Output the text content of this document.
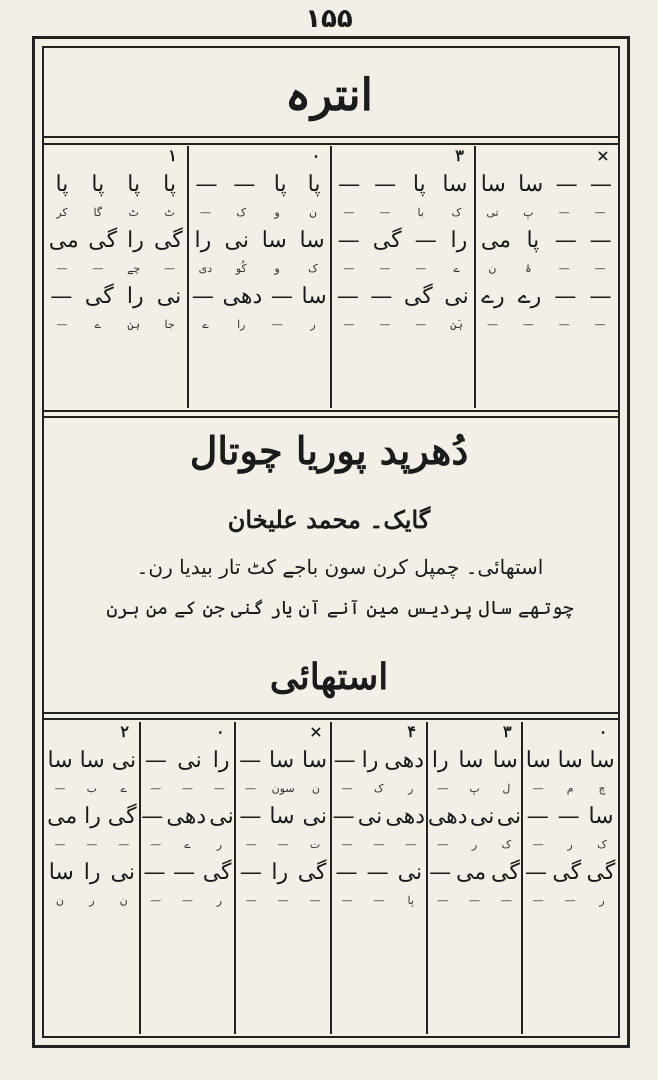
١۵۵
انترہ
×
—
—
سا
سا
—
—
پ
تی
—
—
پا
می
—
—
ۂ
ن
—
—
رے
رے
—
—
—
—
۳
سا
پا
—
—
ک
با
—
—
را
—
گی
—
ے
—
—
—
نی
گی
—
—
ہَن
—
—
—
۰
پا
پا
—
—
ن
و
ک
—
سا
سا
نی
را
ک
و
کُو
دی
سا
—
دھی
—
ر
—
را
ے
۱
پا
پا
پا
پا
ٹ
ٹ
گا
کر
گی
را
گی
می
—
چے
—
—
نی
را
گی
—
جا
ہن
ے
—
دُھرپد پوریا چوتال
گایک۔ محمد علیخان
استھائی۔ چمپل کرن سون باجے کٹ تار بیدیا رن۔
چوتھے سال پردیس مین آنے آن یار گنی جن کے من ہرن
استھائی
۰
سا
سا
سا
چ
م
—
سا
—
—
ک
ر
—
گی
گی
—
ر
—
—
۳
سا
سا
را
ل
پ
—
نی
نی
دھی
ک
ر
—
گی
می
—
—
—
—
۴
دھی
را
—
ر
ک
—
دھی
نی
—
—
—
—
نی
—
—
پا
—
—
×
سا
سا
—
ن
سون
—
نی
سا
—
ت
—
—
گی
را
—
—
—
—
۰
را
نی
—
—
—
—
نی
دھی
—
ر
ے
—
گی
—
—
ر
—
—
۲
نی
سا
سا
ے
ب
—
گی
را
می
—
—
—
نی
را
سا
ن
ر
ن
